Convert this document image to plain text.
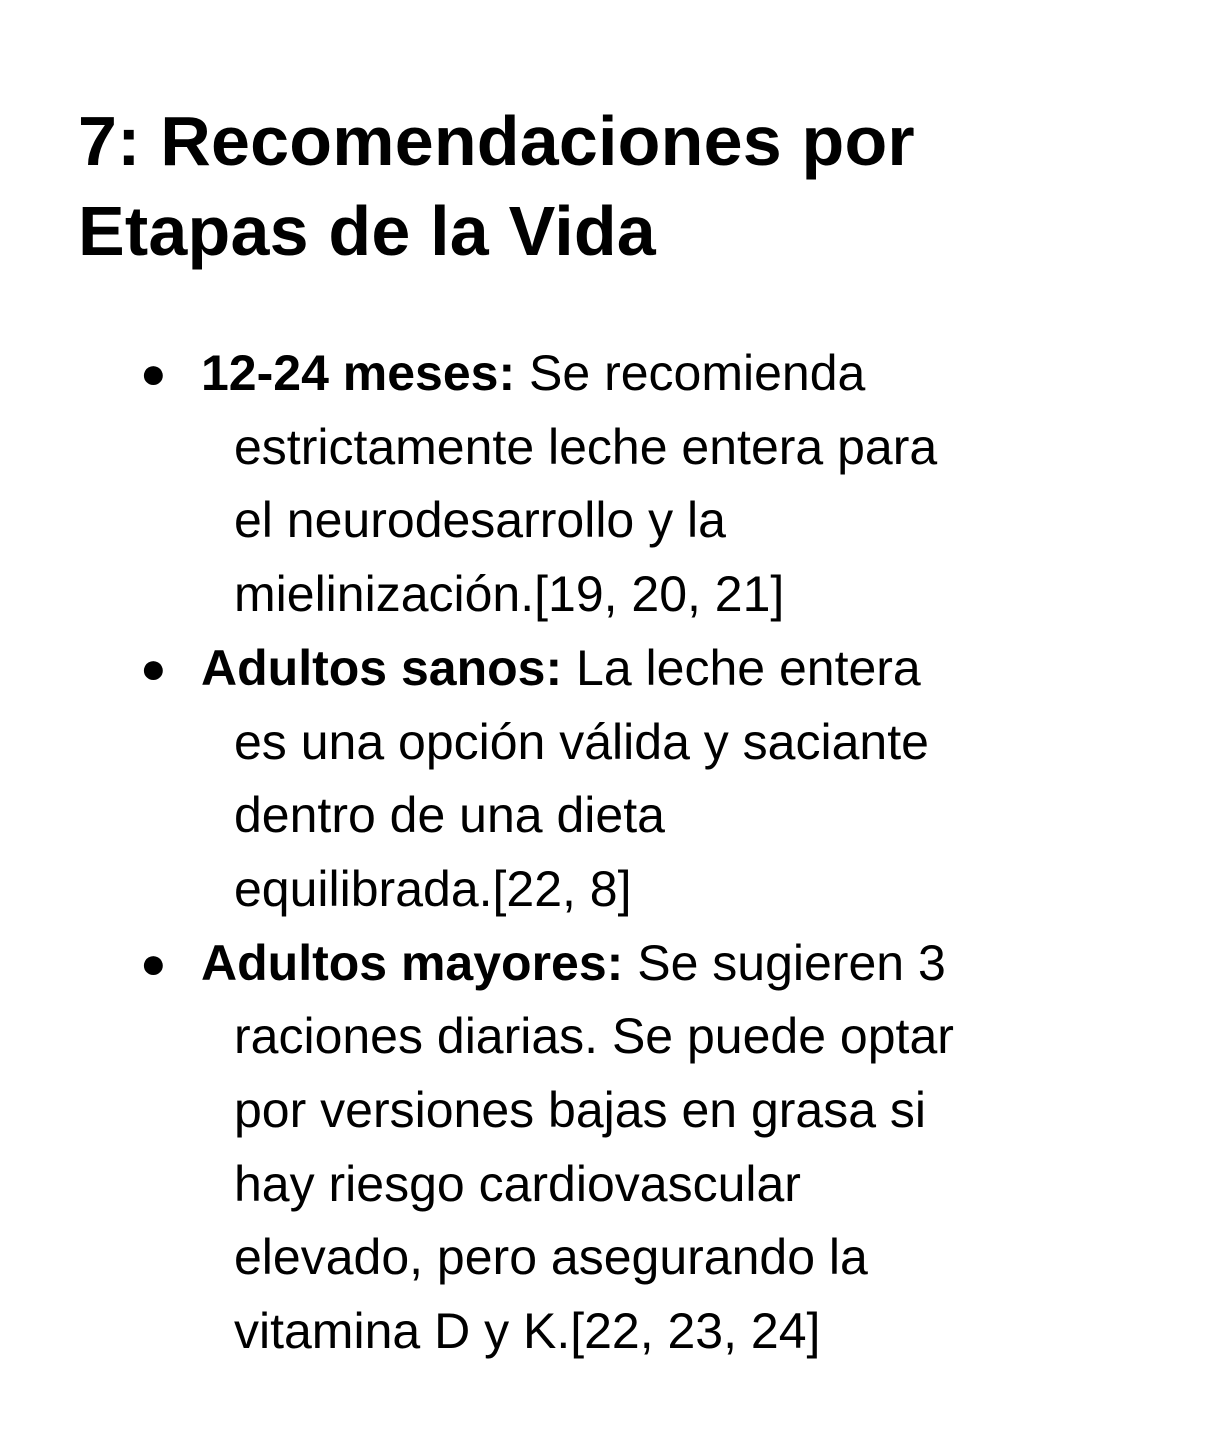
7: Recomendaciones por
Etapas de la Vida
● 12-24 meses: Se recomienda
estrictamente leche entera para
el neurodesarrollo y la
mielinización.[19, 20, 21]
● Adultos sanos: La leche entera
es una opción válida y saciante
dentro de una dieta
equilibrada.[22, 8]
● Adultos mayores: Se sugieren 3
raciones diarias. Se puede optar
por versiones bajas en grasa si
hay riesgo cardiovascular
elevado, pero asegurando la
vitamina D y K.[22, 23, 24]
